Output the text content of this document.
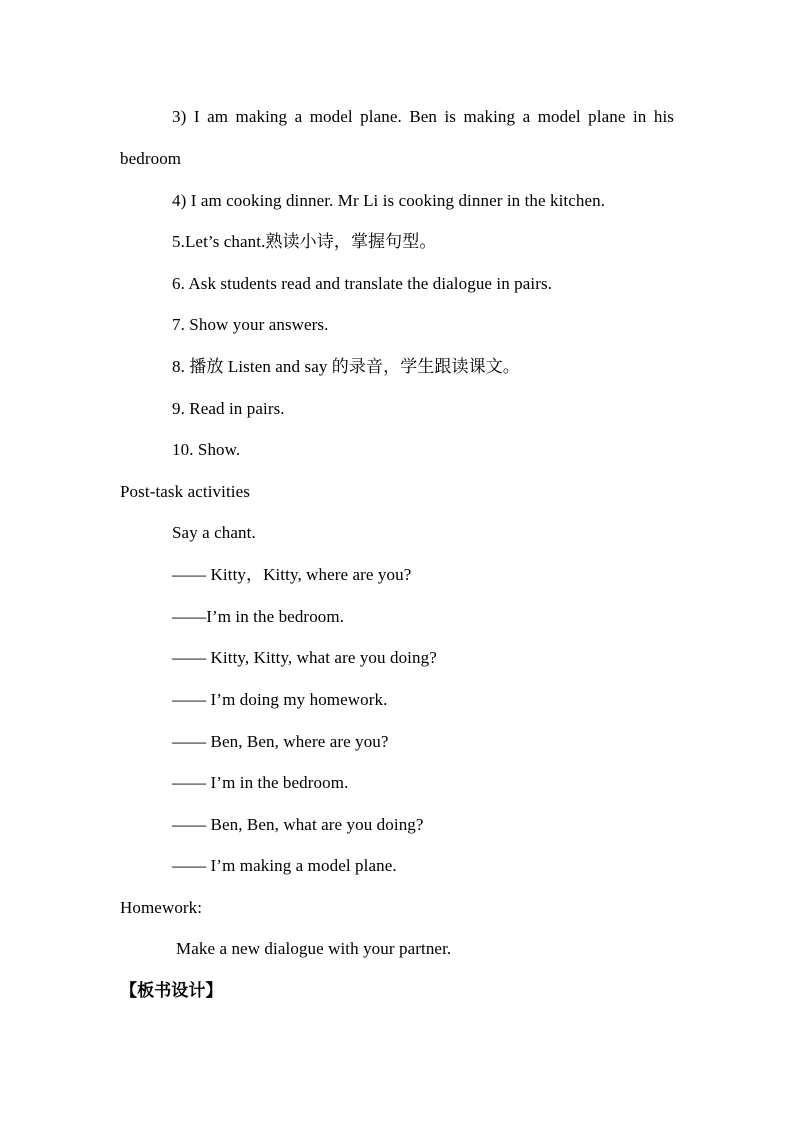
3) I am making a model plane. Ben is making a model plane in his
bedroom
4) I am cooking dinner. Mr Li is cooking dinner in the kitchen.
5.Let’s chant.熟读小诗，掌握句型。
6. Ask students read and translate the dialogue in pairs.
7. Show your answers.
8. 播放 Listen and say 的录音，学生跟读课文。
9. Read in pairs.
10. Show.
Post-task activities
Say a chant.
—— Kitty，Kitty, where are you?
——I’m in the bedroom.
—— Kitty, Kitty, what are you doing?
—— I’m doing my homework.
—— Ben, Ben, where are you?
—— I’m in the bedroom.
—— Ben, Ben, what are you doing?
—— I’m making a model plane.
Homework:
Make a new dialogue with your partner.
【板书设计】
